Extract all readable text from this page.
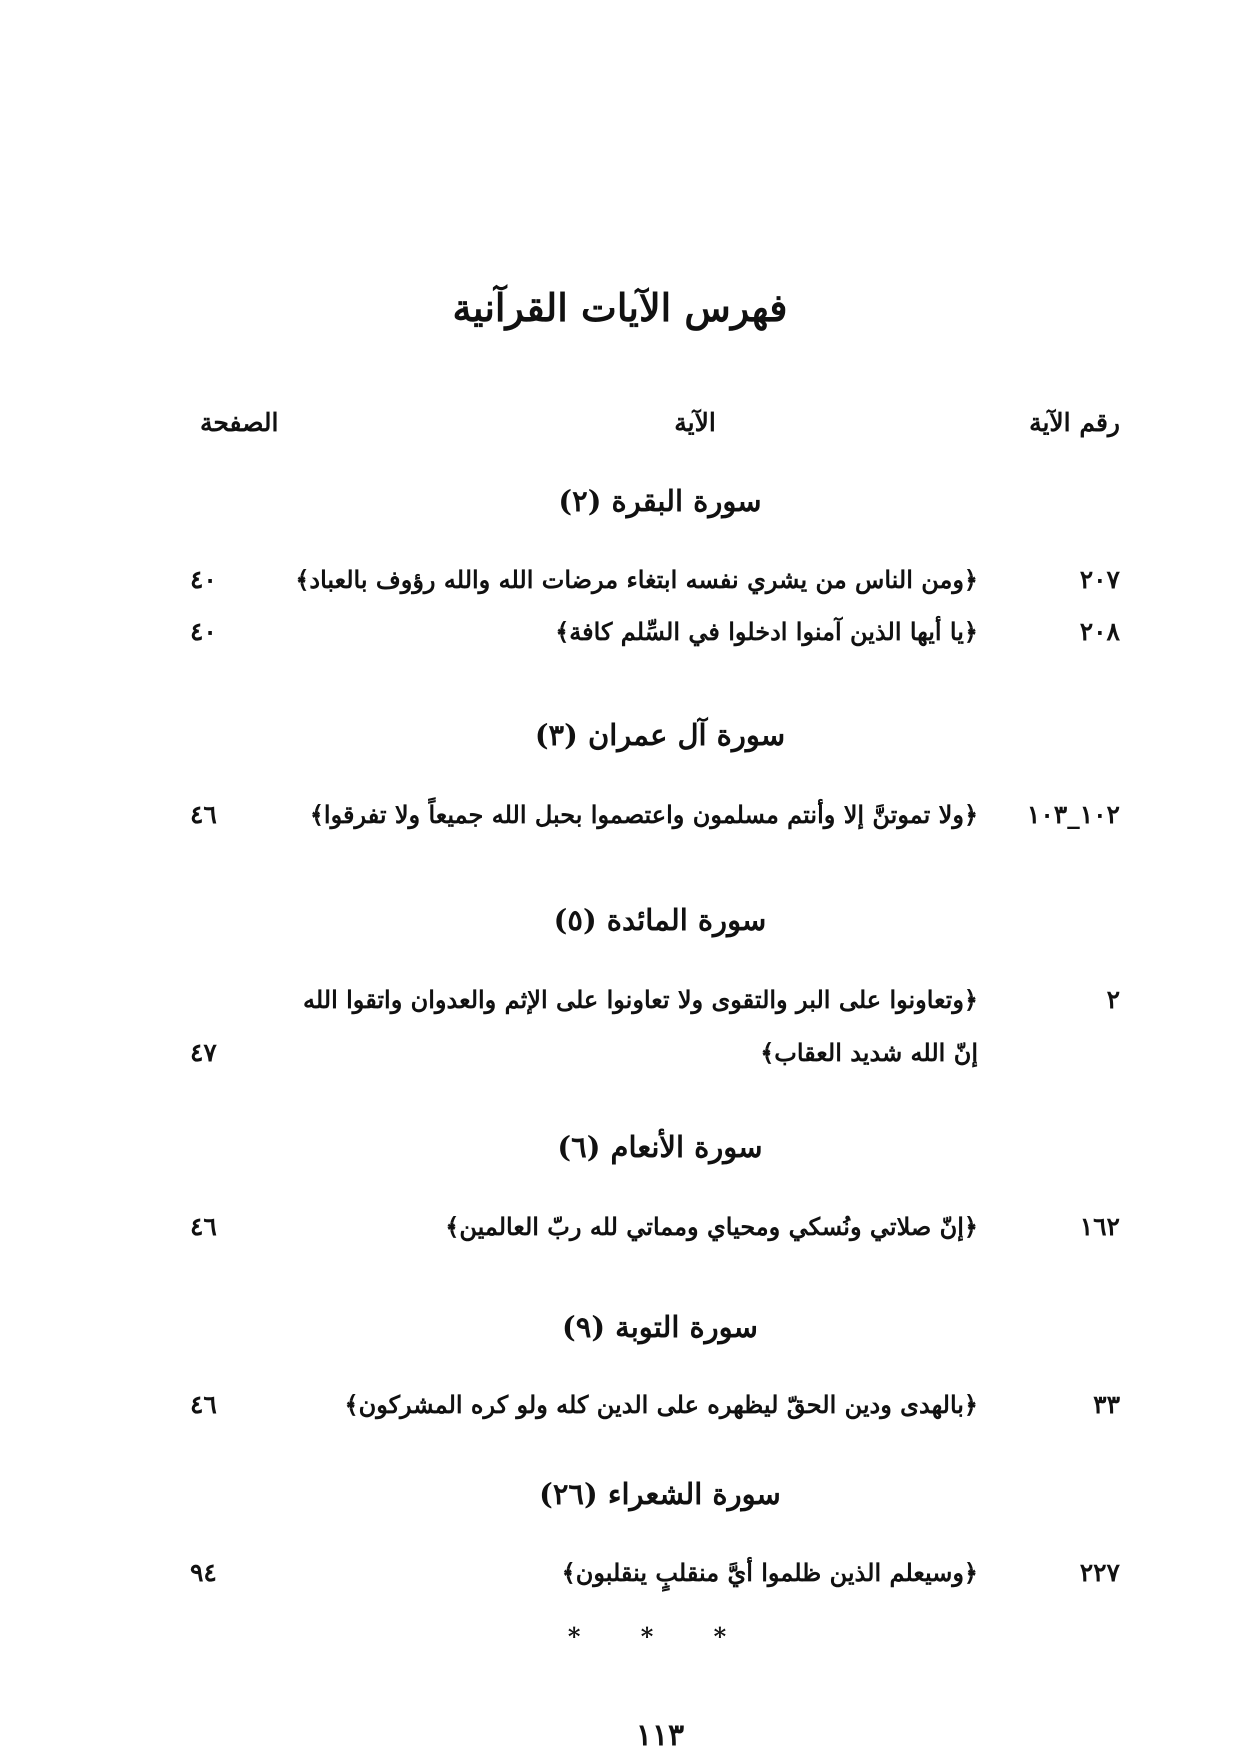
فهرس الآيات القرآنية
رقم الآية
الآية
الصفحة
سورة البقرة (٢)
٢٠٧
﴿ومن الناس من يشري نفسه ابتغاء مرضات الله والله رؤوف بالعباد﴾
٤٠
٢٠٨
﴿يا أيها الذين آمنوا ادخلوا في السِّلم كافة﴾
٤٠
سورة آل عمران (٣)
١٠٢_١٠٣
﴿ولا تموتنَّ إلا وأنتم مسلمون واعتصموا بحبل الله جميعاً ولا تفرقوا﴾
٤٦
سورة المائدة (٥)
٢
﴿وتعاونوا على البر والتقوى ولا تعاونوا على الإثم والعدوان واتقوا الله
إنّ الله شديد العقاب﴾
٤٧
سورة الأنعام (٦)
١٦٢
﴿إنّ صلاتي ونُسكي ومحياي ومماتي لله ربّ العالمين﴾
٤٦
سورة التوبة (٩)
٣٣
﴿بالهدى ودين الحقّ ليظهره على الدين كله ولو كره المشركون﴾
٤٦
سورة الشعراء (٢٦)
٢٢٧
﴿وسيعلم الذين ظلموا أيَّ منقلبٍ ينقلبون﴾
٩٤
* * *
١١٣
